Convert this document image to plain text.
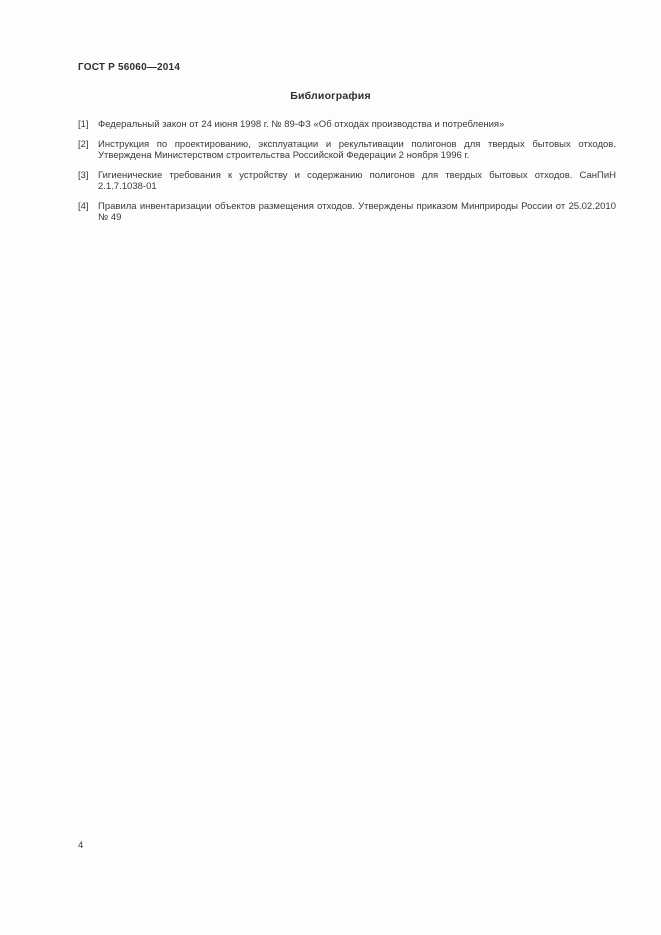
ГОСТ Р 56060—2014
Библиография
[1] Федеральный закон от 24 июня 1998 г. № 89-ФЗ «Об отходах производства и потребления»
[2] Инструкция по проектированию, эксплуатации и рекультивации полигонов для твердых бытовых отходов. Утверждена Министерством строительства Российской Федерации 2 ноября 1996 г.
[3] Гигиенические требования к устройству и содержанию полигонов для твердых бытовых отходов. СанПиН 2.1.7.1038-01
[4] Правила инвентаризации объектов размещения отходов. Утверждены приказом Минприроды России от 25.02.2010 № 49
4
